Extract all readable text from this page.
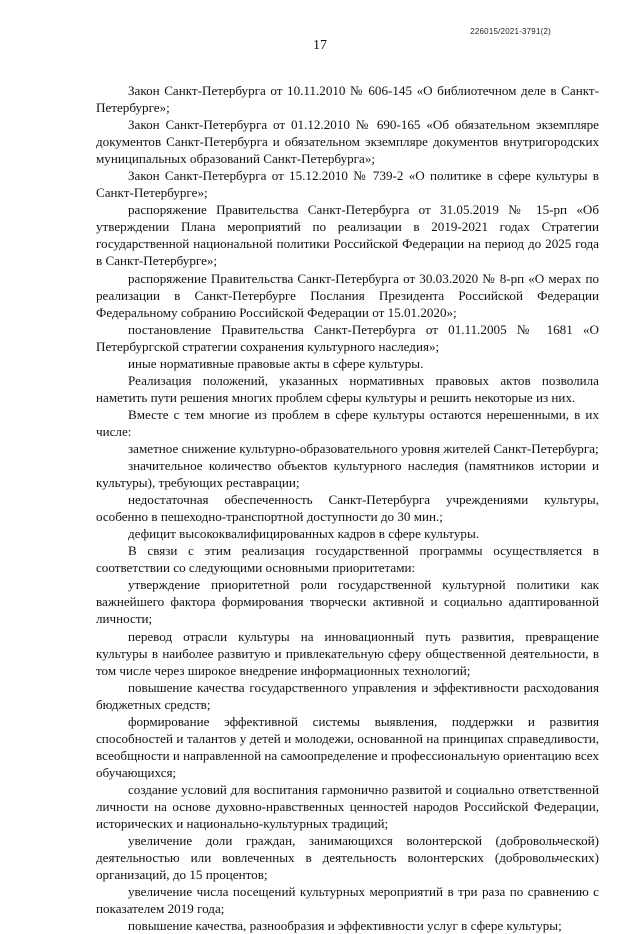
226015/2021-3791(2)
17

Закон Санкт-Петербурга от 10.11.2010 № 606-145 «О библиотечном деле в Санкт-Петербурге»;

Закон Санкт-Петербурга от 01.12.2010 № 690-165 «Об обязательном экземпляре документов Санкт-Петербурга и обязательном экземпляре документов внутригородских муниципальных образований Санкт-Петербурга»;

Закон Санкт-Петербурга от 15.12.2010 № 739-2 «О политике в сфере культуры в Санкт-Петербурге»;

распоряжение Правительства Санкт-Петербурга от 31.05.2019 № 15-рп «Об утверждении Плана мероприятий по реализации в 2019-2021 годах Стратегии государственной национальной политики Российской Федерации на период до 2025 года в Санкт-Петербурге»;

распоряжение Правительства Санкт-Петербурга от 30.03.2020 № 8-рп «О мерах по реализации в Санкт-Петербурге Послания Президента Российской Федерации Федеральному собранию Российской Федерации от 15.01.2020»;

постановление Правительства Санкт-Петербурга от 01.11.2005 № 1681 «О Петербургской стратегии сохранения культурного наследия»;

иные нормативные правовые акты в сфере культуры.

Реализация положений, указанных нормативных правовых актов позволила наметить пути решения многих проблем сферы культуры и решить некоторые из них.

Вместе с тем многие из проблем в сфере культуры остаются нерешенными, в их числе:

заметное снижение культурно-образовательного уровня жителей Санкт-Петербурга;

значительное количество объектов культурного наследия (памятников истории и культуры), требующих реставрации;

недостаточная обеспеченность Санкт-Петербурга учреждениями культуры, особенно в пешеходно-транспортной доступности до 30 мин.;

дефицит высококвалифицированных кадров в сфере культуры.

В связи с этим реализация государственной программы осуществляется в соответствии со следующими основными приоритетами:

утверждение приоритетной роли государственной культурной политики как важнейшего фактора формирования творчески активной и социально адаптированной личности;

перевод отрасли культуры на инновационный путь развития, превращение культуры в наиболее развитую и привлекательную сферу общественной деятельности, в том числе через широкое внедрение информационных технологий;

повышение качества государственного управления и эффективности расходования бюджетных средств;

формирование эффективной системы выявления, поддержки и развития способностей и талантов у детей и молодежи, основанной на принципах справедливости, всеобщности и направленной на самоопределение и профессиональную ориентацию всех обучающихся;

создание условий для воспитания гармонично развитой и социально ответственной личности на основе духовно-нравственных ценностей народов Российской Федерации, исторических и национально-культурных традиций;

увеличение доли граждан, занимающихся волонтерской (добровольческой) деятельностью или вовлеченных в деятельность волонтерских (добровольческих) организаций, до 15 процентов;

увеличение числа посещений культурных мероприятий в три раза по сравнению с показателем 2019 года;

повышение качества, разнообразия и эффективности услуг в сфере культуры;
